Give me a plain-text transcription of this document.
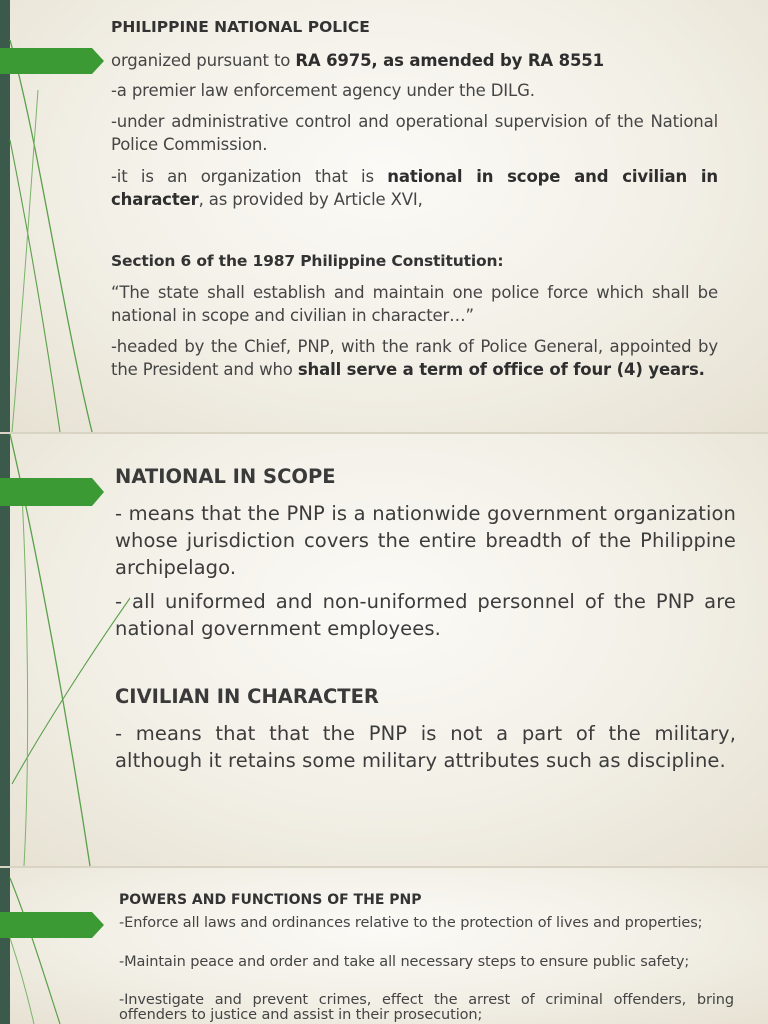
PHILIPPINE NATIONAL POLICE

organized pursuant to RA 6975, as amended by RA 8551

-a premier law enforcement agency under the DILG.

-under administrative control and operational supervision of the National Police Commission.

-it is an organization that is national in scope and civilian in character, as provided by Article XVI,

Section 6 of the 1987 Philippine Constitution:

“The state shall establish and maintain one police force which shall be national in scope and civilian in character…”

-headed by the Chief, PNP, with the rank of Police General, appointed by the President and who shall serve a term of office of four (4) years.

NATIONAL IN SCOPE

- means that the PNP is a nationwide government organization whose jurisdiction covers the entire breadth of the Philippine archipelago.

- all uniformed and non-uniformed personnel of the PNP are national government employees.

CIVILIAN IN CHARACTER

- means that that the PNP is not a part of the military, although it retains some military attributes such as discipline.

POWERS AND FUNCTIONS OF THE PNP

-Enforce all laws and ordinances relative to the protection of lives and properties;

-Maintain peace and order and take all necessary steps to ensure public safety;

-Investigate and prevent crimes, effect the arrest of criminal offenders, bring offenders to justice and assist in their prosecution;
